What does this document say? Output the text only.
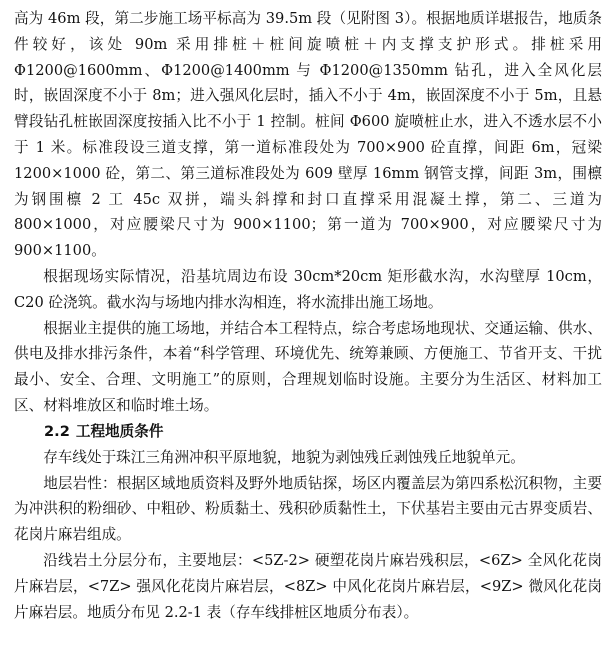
高为 46m 段，第二步施工场平标高为 39.5m 段（见附图 3）。根据地质详堪报告，地质条件较好，该处 90m 采用排桩＋桩间旋喷桩＋内支撑支护形式。排桩采用 Φ1200@1600mm、Φ1200@1400mm 与 Φ1200@1350mm 钻孔，进入全风化层时，嵌固深度不小于 8m；进入强风化层时，插入不小于 4m，嵌固深度不小于 5m，且悬臂段钻孔桩嵌固深度按插入比不小于 1 控制。桩间 Φ600 旋喷桩止水，进入不透水层不小于 1 米。标准段设三道支撑，第一道标准段处为 700×900 砼直撑，间距 6m，冠梁 1200×1000 砼，第二、第三道标准段处为 609 壁厚 16mm 钢管支撑，间距 3m，围檩为钢围檩 2 工 45c 双拼，端头斜撑和封口直撑采用混凝土撑，第二、三道为 800×1000，对应腰梁尺寸为 900×1100；第一道为 700×900，对应腰梁尺寸为 900×1100。

根据现场实际情况，沿基坑周边布设 30cm*20cm 矩形截水沟，水沟壁厚 10cm，C20 砼浇筑。截水沟与场地内排水沟相连，将水流排出施工场地。

根据业主提供的施工场地，并结合本工程特点，综合考虑场地现状、交通运输、供水、供电及排水排污条件，本着“科学管理、环境优先、统筹兼顾、方便施工、节省开支、干扰最小、安全、合理、文明施工”的原则，合理规划临时设施。主要分为生活区、材料加工区、材料堆放区和临时堆土场。

2.2 工程地质条件

存车线处于珠江三角洲冲积平原地貌，地貌为剥蚀残丘剥蚀残丘地貌单元。

地层岩性：根据区域地质资料及野外地质钻探，场区内覆盖层为第四系松沉积物，主要为冲洪积的粉细砂、中粗砂、粉质黏土、残积砂质黏性土，下伏基岩主要由元古界变质岩、花岗片麻岩组成。

沿线岩土分层分布，主要地层：<5Z-2> 硬塑花岗片麻岩残积层，<6Z> 全风化花岗片麻岩层，<7Z> 强风化花岗片麻岩层，<8Z> 中风化花岗片麻岩层，<9Z> 微风化花岗片麻岩层。地质分布见 2.2-1 表（存车线排桩区地质分布表）。
